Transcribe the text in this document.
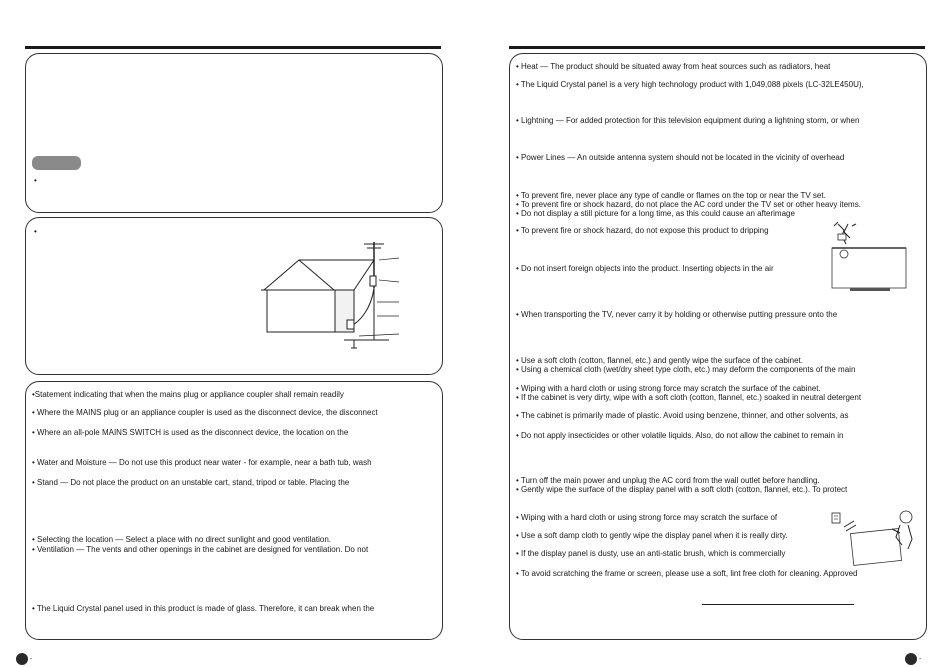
•
•
•Statement indicating that when the mains plug or appliance coupler shall remain readily
• Where the MAINS plug or an appliance coupler is used as the disconnect device, the disconnect
• Where an all-pole MAINS SWITCH is used as the disconnect device, the location on the
• Water and Moisture — Do not use this product near water - for example, near a bath tub, wash
• Stand — Do not place the product on an unstable cart, stand, tripod or table. Placing the
• Selecting the location — Select a place with no direct sunlight and good ventilation.
• Ventilation — The vents and other openings in the cabinet are designed for ventilation. Do not
• The Liquid Crystal panel used in this product is made of glass. Therefore, it can break when the
-
• Heat — The product should be situated away from heat sources such as radiators, heat
• The Liquid Crystal panel is a very high technology product with 1,049,088 pixels (LC-32LE450U),
• Lightning — For added protection for this television equipment during a lightning storm, or when
• Power Lines — An outside antenna system should not be located in the vicinity of overhead
• To prevent fire, never place any type of candle or flames on the top or near the TV set.
• To prevent fire or shock hazard, do not place the AC cord under the TV set or other heavy items.
• Do not display a still picture for a long time, as this could cause an afterimage
• To prevent fire or shock hazard, do not expose this product to dripping
• Do not insert foreign objects into the product. Inserting objects in the air
• When transporting the TV, never carry it by holding or otherwise putting pressure onto the
• Use a soft cloth (cotton, flannel, etc.) and gently wipe the surface of the cabinet.
• Using a chemical cloth (wet/dry sheet type cloth, etc.) may deform the components of the main
• Wiping with a hard cloth or using strong force may scratch the surface of the cabinet.
• If the cabinet is very dirty, wipe with a soft cloth (cotton, flannel, etc.) soaked in neutral detergent
• The cabinet is primarily made of plastic. Avoid using benzene, thinner, and other solvents, as
• Do not apply insecticides or other volatile liquids. Also, do not allow the cabinet to remain in
• Turn off the main power and unplug the AC cord from the wall outlet before handling.
• Gently wipe the surface of the display panel with a soft cloth (cotton, flannel, etc.). To protect
• Wiping with a hard cloth or using strong force may scratch the surface of
• Use a soft damp cloth to gently wipe the display panel when it is really dirty.
• If the display panel is dusty, use an anti-static brush, which is commercially
• To avoid scratching the frame or screen, please use a soft, lint free cloth for cleaning. Approved
-
